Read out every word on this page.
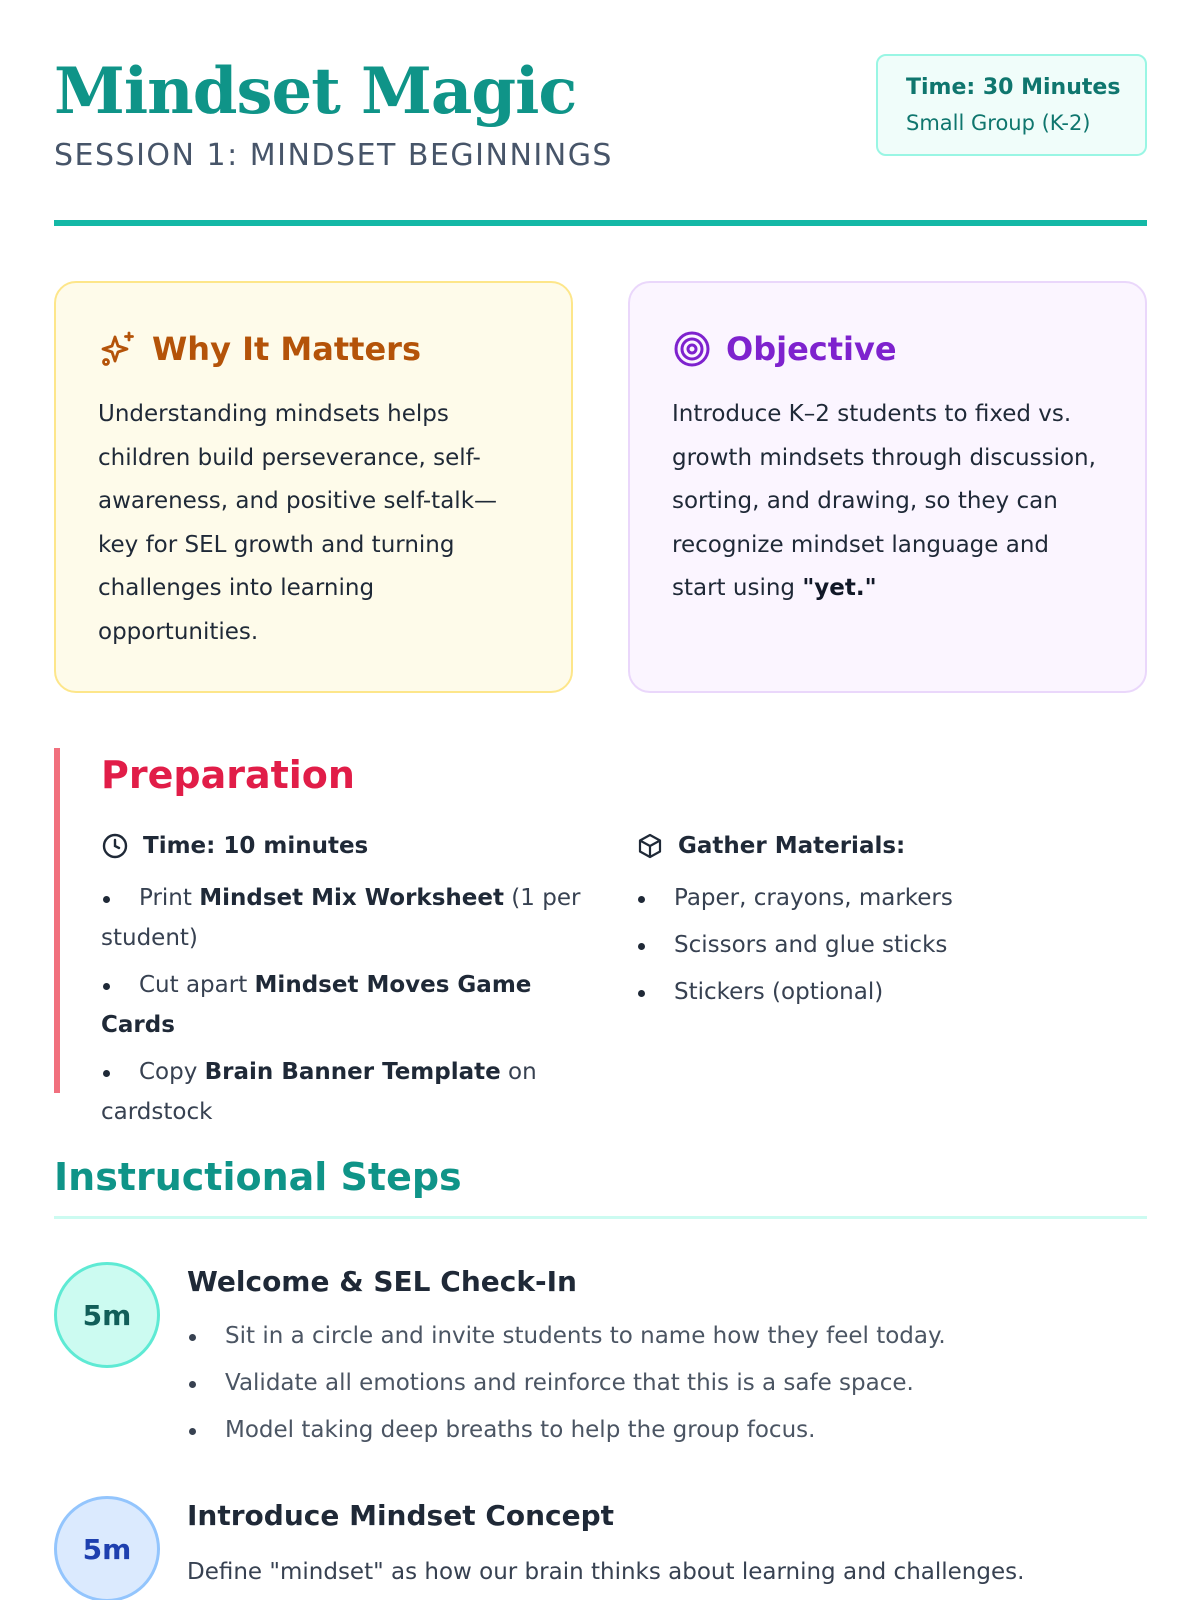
Mindset Magic
SESSION 1: MINDSET BEGINNINGS
Time: 30 Minutes
Small Group (K-2)
Why It Matters
Understanding mindsets helps children build perseverance, self-awareness, and positive self-talk—key for SEL growth and turning challenges into learning opportunities.
Objective
Introduce K–2 students to fixed vs. growth mindsets through discussion, sorting, and drawing, so they can recognize mindset language and start using "yet."
Preparation
Time: 10 minutes
Print Mindset Mix Worksheet (1 per student)
Cut apart Mindset Moves Game Cards
Copy Brain Banner Template on cardstock
Gather Materials:
Paper, crayons, markers
Scissors and glue sticks
Stickers (optional)
Instructional Steps
5m
Welcome & SEL Check-In
Sit in a circle and invite students to name how they feel today.
Validate all emotions and reinforce that this is a safe space.
Model taking deep breaths to help the group focus.
5m
Introduce Mindset Concept
Define "mindset" as how our brain thinks about learning and challenges.
